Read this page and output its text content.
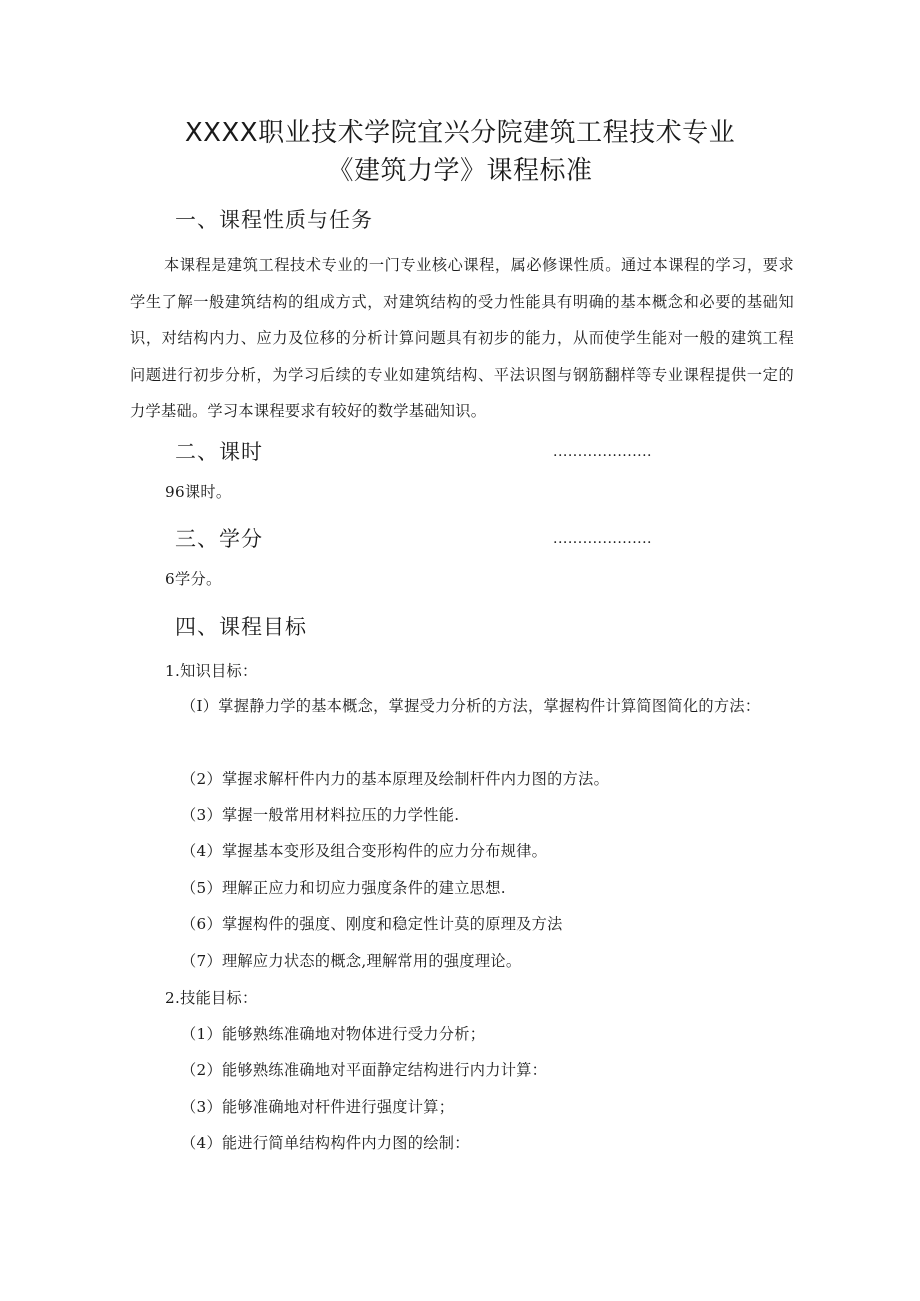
XXXX职业技术学院宜兴分院建筑工程技术专业
《建筑力学》课程标准
一、课程性质与任务
本课程是建筑工程技术专业的一门专业核心课程，属必修课性质。通过本课程的学习，要求学生了解一般建筑结构的组成方式，对建筑结构的受力性能具有明确的基本概念和必要的基础知识，对结构内力、应力及位移的分析计算问题具有初步的能力，从而使学生能对一般的建筑工程问题进行初步分析，为学习后续的专业如建筑结构、平法识图与钢筋翻样等专业课程提供一定的力学基础。学习本课程要求有较好的数学基础知识。
二、课时	....................
96课时。
三、学分	....................
6学分。
四、课程目标
1.知识目标：
（I）掌握静力学的基本概念，掌握受力分析的方法，掌握构件计算简图简化的方法：
（2）掌握求解杆件内力的基本原理及绘制杆件内力图的方法。
（3）掌握一般常用材料拉压的力学性能.
（4）掌握基本变形及组合变形构件的应力分布规律。
（5）理解正应力和切应力强度条件的建立思想.
（6）掌握构件的强度、刚度和稳定性计莫的原理及方法
（7）理解应力状态的概念,理解常用的强度理论。
2.技能目标：
（1）能够熟练准确地对物体进行受力分析；
（2）能够熟练准确地对平面静定结构进行内力计算：
（3）能够准确地对杆件进行强度计算；
（4）能进行简单结构构件内力图的绘制：
